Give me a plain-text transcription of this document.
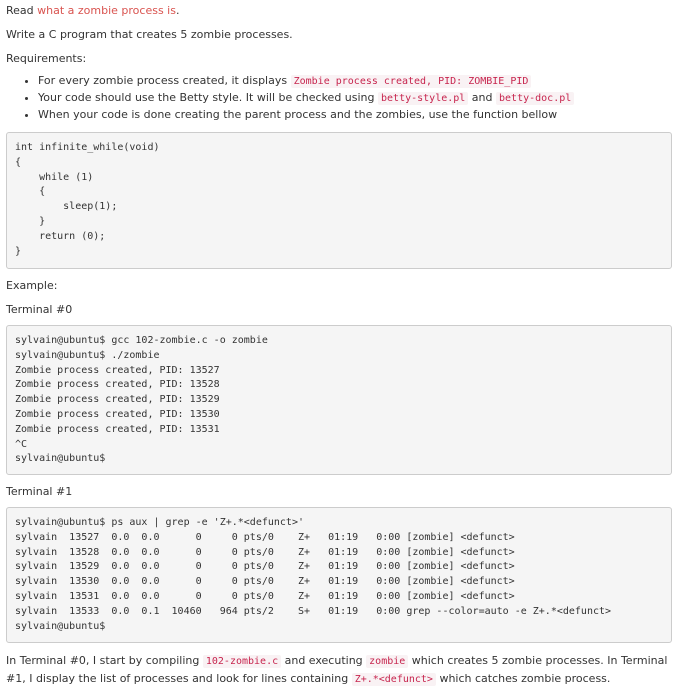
Read what a zombie process is.
Write a C program that creates 5 zombie processes.
Requirements:
• For every zombie process created, it displays Zombie process created, PID: ZOMBIE_PID
• Your code should use the Betty style. It will be checked using betty-style.pl and betty-doc.pl
• When your code is done creating the parent process and the zombies, use the function bellow
int infinite_while(void)
{
while (1)
{
sleep(1);
}
return (0);
}
Example:
Terminal #0
sylvain@ubuntu$ gcc 102-zombie.c -o zombie
sylvain@ubuntu$ ./zombie
Zombie process created, PID: 13527
Zombie process created, PID: 13528
Zombie process created, PID: 13529
Zombie process created, PID: 13530
Zombie process created, PID: 13531
^C
sylvain@ubuntu$
Terminal #1
sylvain@ubuntu$ ps aux | grep -e 'Z+.*<defunct>'
sylvain  13527  0.0  0.0      0     0 pts/0    Z+   01:19   0:00 [zombie] <defunct>
sylvain  13528  0.0  0.0      0     0 pts/0    Z+   01:19   0:00 [zombie] <defunct>
sylvain  13529  0.0  0.0      0     0 pts/0    Z+   01:19   0:00 [zombie] <defunct>
sylvain  13530  0.0  0.0      0     0 pts/0    Z+   01:19   0:00 [zombie] <defunct>
sylvain  13531  0.0  0.0      0     0 pts/0    Z+   01:19   0:00 [zombie] <defunct>
sylvain  13533  0.0  0.1  10460   964 pts/2    S+   01:19   0:00 grep --color=auto -e Z+.*<defunct>
sylvain@ubuntu$
In Terminal #0, I start by compiling 102-zombie.c and executing zombie which creates 5 zombie processes. In Terminal #1, I display the list of processes and look for lines containing Z+.*<defunct> which catches zombie process.
